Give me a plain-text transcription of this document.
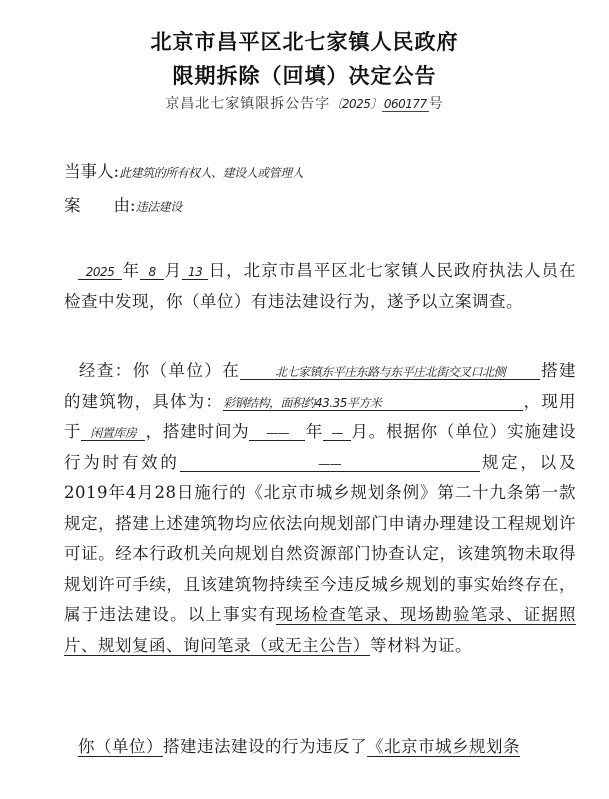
北京市昌平区北七家镇人民政府
限期拆除（回填）决定公告
京昌北七家镇限拆公告字〔2025〕 060177 号
当事人:此建筑的所有权人、建设人或管理人
案　　由:违法建设
2025 年 8 月 13 日，北京市昌平区北七家镇人民政府执法人员在检查中发现，你（单位）有违法建设行为，遂予以立案调查。
经查：你（单位）在	北七家镇东平庄东路与东平庄北街交叉口北侧 搭建的建筑物，具体为：彩钢结构，面积约43.35平方米	，现用于 闲置库房 ，搭建时间为 —— 年 — 月。根据你（单位）实施建设行为时有效的	——	规定，以及2019年4月28日施行的《北京市城乡规划条例》第二十九条第一款规定，搭建上述建筑物均应依法向规划部门申请办理建设工程规划许可证。经本行政机关向规划自然资源部门协查认定，该建筑物未取得规划许可手续，且该建筑物持续至今违反城乡规划的事实始终存在，属于违法建设。以上事实有现场检查笔录、现场勘验笔录、证据照片、规划复函、询问笔录（或无主公告）等材料为证。
你（单位）搭建违法建设的行为违反了《北京市城乡规划条
